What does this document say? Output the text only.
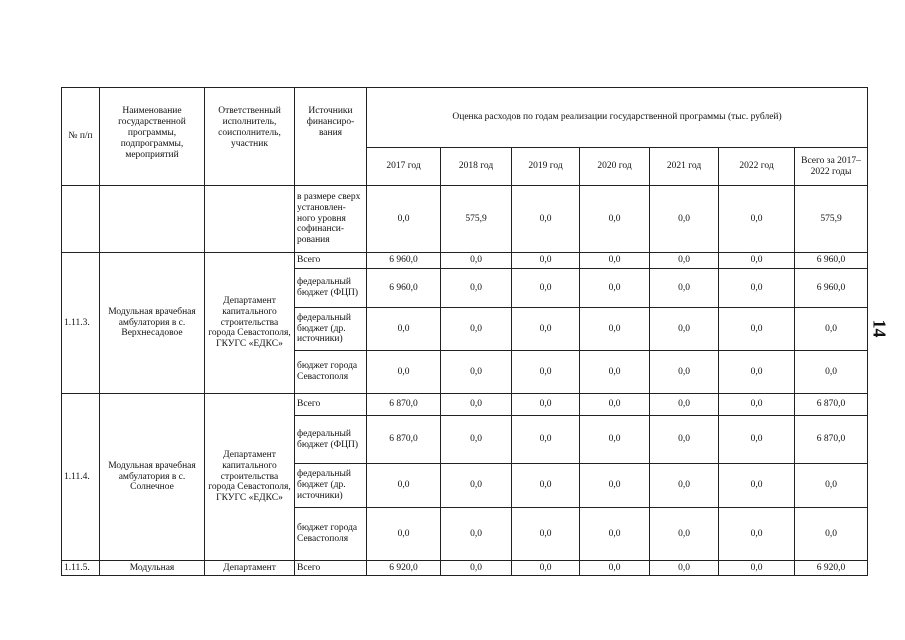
№ п/п	Наименование государственной программы, подпрограммы, мероприятий	Ответственный исполнитель, соисполнитель, участник	Источники финансиро-вания	Оценка расходов по годам реализации государственной программы (тыс. рублей)						
				2017 год	2018 год	2019 год	2020 год	2021 год	2022 год	Всего за 2017–2022 годы
			в размере сверх установлен-ного уровня софинанси-рования	0,0	575,9	0,0	0,0	0,0	0,0	575,9
1.11.3.	Модульная врачебная амбулатория в с. Верхнесадовое	Департамент капитального строительства города Севастополя, ГКУГС «ЕДКС»	Всего	6 960,0	0,0	0,0	0,0	0,0	0,0	6 960,0
			федеральный бюджет (ФЦП)	6 960,0	0,0	0,0	0,0	0,0	0,0	6 960,0
			федеральный бюджет (др. источники)	0,0	0,0	0,0	0,0	0,0	0,0	0,0
			бюджет города Севастополя	0,0	0,0	0,0	0,0	0,0	0,0	0,0
1.11.4.	Модульная врачебная амбулатория в с. Солнечное	Департамент капитального строительства города Севастополя, ГКУГС «ЕДКС»	Всего	6 870,0	0,0	0,0	0,0	0,0	0,0	6 870,0
			федеральный бюджет (ФЦП)	6 870,0	0,0	0,0	0,0	0,0	0,0	6 870,0
			федеральный бюджет (др. источники)	0,0	0,0	0,0	0,0	0,0	0,0	0,0
			бюджет города Севастополя	0,0	0,0	0,0	0,0	0,0	0,0	0,0
1.11.5.	Модульная	Департамент	Всего	6 920,0	0,0	0,0	0,0	0,0	0,0	6 920,0
14
